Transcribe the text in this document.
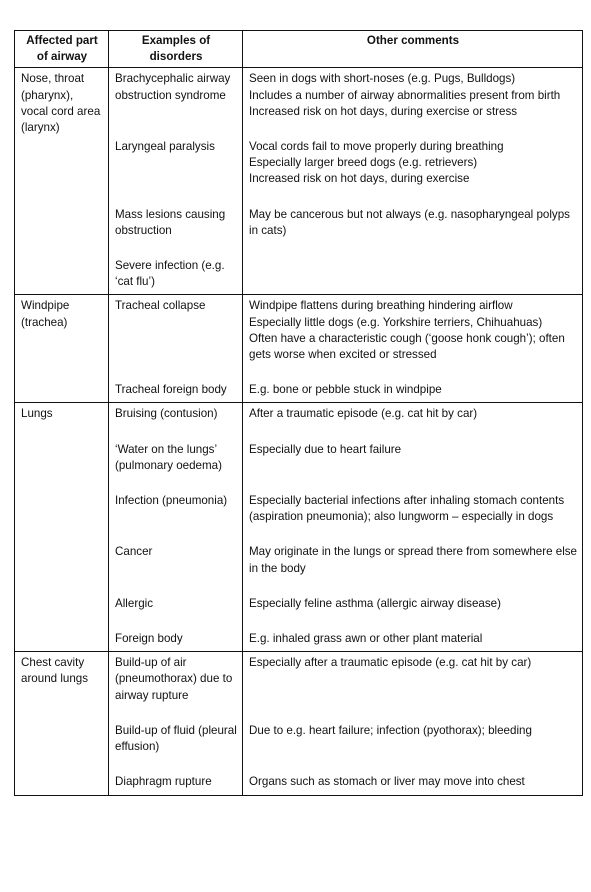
Affected part of airway	Examples of disorders	Other comments
Nose, throat (pharynx), vocal cord area (larynx)	Brachycephalic airway obstruction syndrome	Seen in dogs with short-noses (e.g. Pugs, Bulldogs)
Includes a number of airway abnormalities present from birth
Increased risk on hot days, during exercise or stress

	Laryngeal paralysis	Vocal cords fail to move properly during breathing
Especially larger breed dogs (e.g. retrievers)
Increased risk on hot days, during exercise

	Mass lesions causing obstruction	May be cancerous but not always (e.g. nasopharyngeal polyps in cats)

	Severe infection (e.g. ‘cat flu’)	
Windpipe (trachea)	Tracheal collapse	Windpipe flattens during breathing hindering airflow
Especially little dogs (e.g. Yorkshire terriers, Chihuahuas)
Often have a characteristic cough (‘goose honk cough’); often gets worse when excited or stressed

	Tracheal foreign body	E.g. bone or pebble stuck in windpipe

Lungs	Bruising (contusion)	After a traumatic episode (e.g. cat hit by car)

	‘Water on the lungs’ (pulmonary oedema)	Especially due to heart failure

	Infection (pneumonia)	Especially bacterial infections after inhaling stomach contents (aspiration pneumonia); also lungworm – especially in dogs

	Cancer	May originate in the lungs or spread there from somewhere else in the body

	Allergic	Especially feline asthma (allergic airway disease)

	Foreign body	E.g. inhaled grass awn or other plant material

Chest cavity around lungs	Build-up of air (pneumothorax) due to airway rupture	Especially after a traumatic episode (e.g. cat hit by car)

	Build-up of fluid (pleural effusion)	Due to e.g. heart failure; infection (pyothorax); bleeding

	Diaphragm rupture	Organs such as stomach or liver may move into chest
